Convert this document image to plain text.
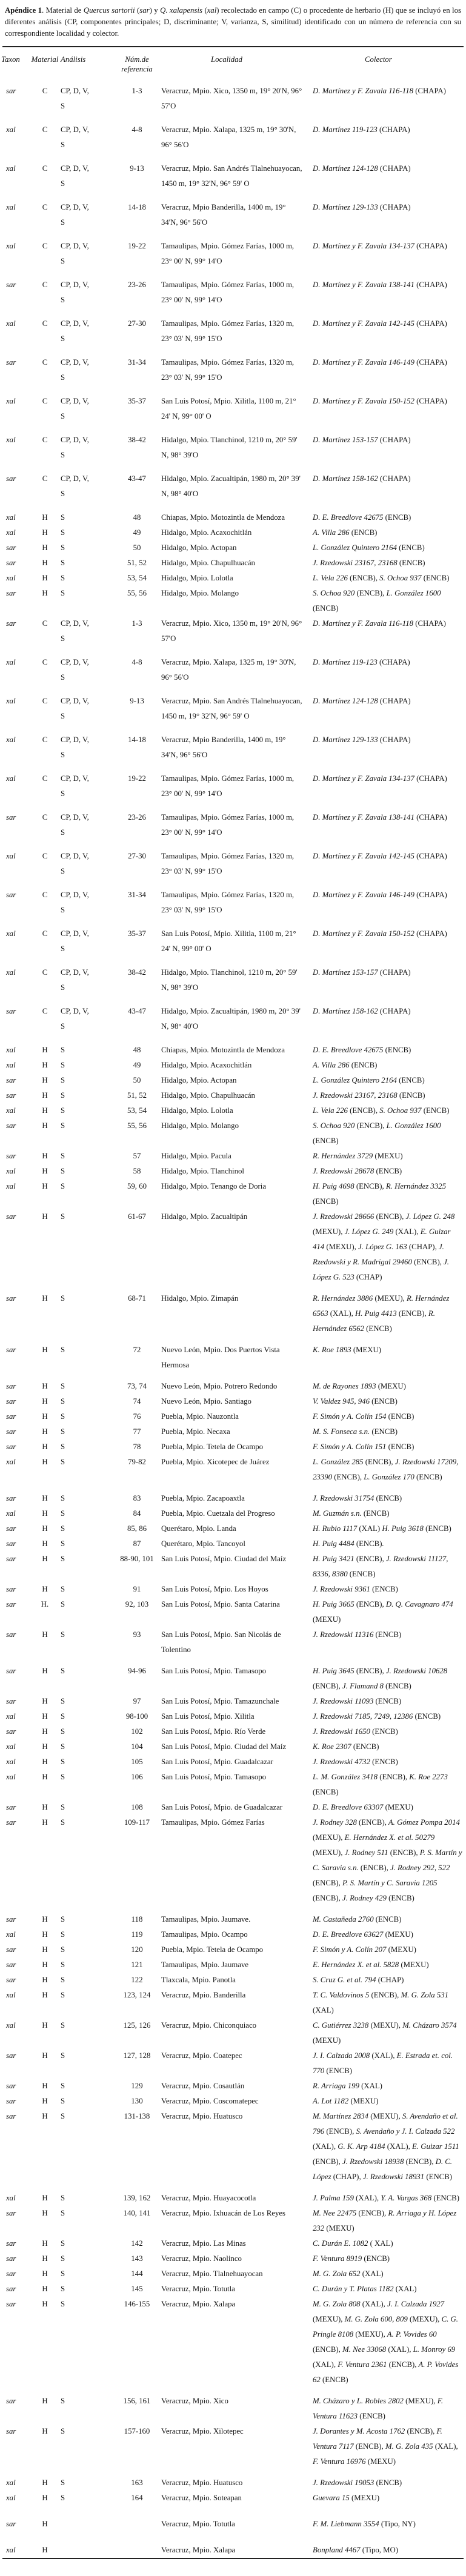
Apéndice 1. Material de Quercus sartorii (sar) y Q. xalapensis (xal) recolectado en campo (C) o procedente de herbario (H) que se incluyó en los diferentes análisis (CP, componentes principales; D, discriminante; V, varianza, S, similitud) identificado con un número de referencia con su correspondiente localidad y colector.

Taxon	Material	Análisis	Núm.de referencia	Localidad	Colector
sar	C	CP, D, V, S	1-3	Veracruz, Mpio. Xico, 1350 m, 19° 20'N, 96° 57'O	D. Martínez y F. Zavala 116-118 (CHAPA)
xal	C	CP, D, V, S	4-8	Veracruz, Mpio. Xalapa, 1325 m, 19° 30'N, 96° 56'O	D. Martínez 119-123 (CHAPA)
xal	C	CP, D, V, S	9-13	Veracruz, Mpio. San Andrés Tlalnehuayocan, 1450 m, 19° 32'N, 96° 59' O	D. Martínez 124-128 (CHAPA)
xal	C	CP, D, V, S	14-18	Veracruz, Mpio Banderilla, 1400 m, 19° 34'N, 96° 56'O	D. Martínez 129-133 (CHAPA)
xal	C	CP, D, V, S	19-22	Tamaulipas, Mpio. Gómez Farías, 1000 m, 23° 00' N, 99° 14'O	D. Martínez y F. Zavala 134-137 (CHAPA)
sar	C	CP, D, V, S	23-26	Tamaulipas, Mpio. Gómez Farías, 1000 m, 23° 00' N, 99° 14'O	D. Martínez y F. Zavala 138-141 (CHAPA)
xal	C	CP, D, V, S	27-30	Tamaulipas, Mpio. Gómez Farías, 1320 m, 23° 03' N, 99° 15'O	D. Martínez y F. Zavala 142-145 (CHAPA)
sar	C	CP, D, V, S	31-34	Tamaulipas, Mpio. Gómez Farías, 1320 m, 23° 03' N, 99° 15'O	D. Martínez y F. Zavala 146-149 (CHAPA)
xal	C	CP, D, V, S	35-37	San Luis Potosí, Mpio. Xilitla, 1100 m, 21° 24' N, 99° 00' O	D. Martínez y F. Zavala 150-152 (CHAPA)
xal	C	CP, D, V, S	38-42	Hidalgo, Mpio. Tlanchinol, 1210 m, 20° 59' N, 98° 39'O	D. Martínez 153-157 (CHAPA)
sar	C	CP, D, V, S	43-47	Hidalgo, Mpio. Zacualtipán, 1980 m, 20° 39' N, 98° 40'O	D. Martínez 158-162 (CHAPA)
xal	H	S	48	Chiapas, Mpio. Motozintla de Mendoza	D. E. Breedlove 42675 (ENCB)
xal	H	S	49	Hidalgo, Mpio. Acaxochitlán	A. Villa 286 (ENCB)
sar	H	S	50	Hidalgo, Mpio. Actopan	L. González Quintero 2164 (ENCB)
sar	H	S	51, 52	Hidalgo, Mpio. Chapulhuacán	J. Rzedowski 23167, 23168 (ENCB)
xal	H	S	53, 54	Hidalgo, Mpio. Lolotla	L. Vela 226 (ENCB), S. Ochoa 937 (ENCB)
sar	H	S	55, 56	Hidalgo, Mpio. Molango	S. Ochoa 920 (ENCB), L. González 1600 (ENCB)
sar	C	CP, D, V, S	1-3	Veracruz, Mpio. Xico, 1350 m, 19° 20'N, 96° 57'O	D. Martínez y F. Zavala 116-118 (CHAPA)
xal	C	CP, D, V, S	4-8	Veracruz, Mpio. Xalapa, 1325 m, 19° 30'N, 96° 56'O	D. Martínez 119-123 (CHAPA)
xal	C	CP, D, V, S	9-13	Veracruz, Mpio. San Andrés Tlalnehuayocan, 1450 m, 19° 32'N, 96° 59' O	D. Martínez 124-128 (CHAPA)
xal	C	CP, D, V, S	14-18	Veracruz, Mpio Banderilla, 1400 m, 19° 34'N, 96° 56'O	D. Martínez 129-133 (CHAPA)
xal	C	CP, D, V, S	19-22	Tamaulipas, Mpio. Gómez Farías, 1000 m, 23° 00' N, 99° 14'O	D. Martínez y F. Zavala 134-137 (CHAPA)
sar	C	CP, D, V, S	23-26	Tamaulipas, Mpio. Gómez Farías, 1000 m, 23° 00' N, 99° 14'O	D. Martínez y F. Zavala 138-141 (CHAPA)
xal	C	CP, D, V, S	27-30	Tamaulipas, Mpio. Gómez Farías, 1320 m, 23° 03' N, 99° 15'O	D. Martínez y F. Zavala 142-145 (CHAPA)
sar	C	CP, D, V, S	31-34	Tamaulipas, Mpio. Gómez Farías, 1320 m, 23° 03' N, 99° 15'O	D. Martínez y F. Zavala 146-149 (CHAPA)
xal	C	CP, D, V, S	35-37	San Luis Potosí, Mpio. Xilitla, 1100 m, 21° 24' N, 99° 00' O	D. Martínez y F. Zavala 150-152 (CHAPA)
xal	C	CP, D, V, S	38-42	Hidalgo, Mpio. Tlanchinol, 1210 m, 20° 59' N, 98° 39'O	D. Martínez 153-157 (CHAPA)
sar	C	CP, D, V, S	43-47	Hidalgo, Mpio. Zacualtipán, 1980 m, 20° 39' N, 98° 40'O	D. Martínez 158-162 (CHAPA)
xal	H	S	48	Chiapas, Mpio. Motozintla de Mendoza	D. E. Breedlove 42675 (ENCB)
xal	H	S	49	Hidalgo, Mpio. Acaxochitlán	A. Villa 286 (ENCB)
sar	H	S	50	Hidalgo, Mpio. Actopan	L. González Quintero 2164 (ENCB)
sar	H	S	51, 52	Hidalgo, Mpio. Chapulhuacán	J. Rzedowski 23167, 23168 (ENCB)
xal	H	S	53, 54	Hidalgo, Mpio. Lolotla	L. Vela 226 (ENCB), S. Ochoa 937 (ENCB)
sar	H	S	55, 56	Hidalgo, Mpio. Molango	S. Ochoa 920 (ENCB), L. González 1600 (ENCB)
sar	H	S	57	Hidalgo, Mpio. Pacula	R. Hernández 3729 (MEXU)
xal	H	S	58	Hidalgo, Mpio. Tlanchinol	J. Rzedowski 28678 (ENCB)
xal	H	S	59, 60	Hidalgo, Mpio. Tenango de Doria	H. Puig 4698 (ENCB), R. Hernández 3325 (ENCB)
sar	H	S	61-67	Hidalgo, Mpio. Zacualtipán	J. Rzedowski 28666 (ENCB), J. López G. 248 (MEXU), J. López G. 249 (XAL), E. Guizar 414 (MEXU), J. López G. 163 (CHAP), J. Rzedowski y R. Madrigal 29460 (ENCB), J. López G. 523 (CHAP)
sar	H	S	68-71	Hidalgo, Mpio. Zimapán	R. Hernández 3886 (MEXU), R. Hernández 6563 (XAL), H. Puig 4413 (ENCB), R. Hernández 6562 (ENCB)
sar	H	S	72	Nuevo León, Mpio. Dos Puertos Vista Hermosa	K. Roe 1893 (MEXU)
sar	H	S	73, 74	Nuevo León, Mpio. Potrero Redondo	M. de Rayones 1893 (MEXU)
sar	H	S	74	Nuevo León, Mpio. Santiago	V. Valdez 945, 946 (ENCB)
sar	H	S	76	Puebla, Mpio. Nauzontla	F. Simón y A. Colín 154 (ENCB)
sar	H	S	77	Puebla, Mpio. Necaxa	M. S. Fonseca s.n. (ENCB)
sar	H	S	78	Puebla, Mpio. Tetela de Ocampo	F. Simón y A. Colín 151 (ENCB)
xal	H	S	79-82	Puebla, Mpio. Xicotepec de Juárez	L. González 285 (ENCB), J. Rzedowski 17209, 23390 (ENCB), L. González 170 (ENCB)
sar	H	S	83	Puebla, Mpio. Zacapoaxtla	J. Rzedowski 31754 (ENCB)
xal	H	S	84	Puebla, Mpio. Cuetzala del Progreso	M. Guzmán s.n. (ENCB)
sar	H	S	85, 86	Querétaro, Mpio. Landa	H. Rubio 1117 (XAL) H. Puig 3618 (ENCB)
sar	H	S	87	Querétaro, Mpio. Tancoyol	H. Puig 4484 (ENCB).
sar	H	S	88-90, 101	San Luis Potosí, Mpio. Ciudad del Maíz	H. Puig 3421 (ENCB), J. Rzedowski 11127, 8336, 8380 (ENCB)
sar	H	S	91	San Luis Potosí, Mpio. Los Hoyos	J. Rzedowski 9361 (ENCB)
sar	H.	S	92, 103	San Luis Potosí, Mpio. Santa Catarina	H. Puig 3665 (ENCB), D. Q. Cavagnaro 474 (MEXU)
sar	H	S	93	San Luis Potosí, Mpio. San Nicolás de Tolentino	J. Rzedowski 11316 (ENCB)
sar	H	S	94-96	San Luis Potosí, Mpio. Tamasopo	H. Puig 3645 (ENCB), J. Rzedowski 10628 (ENCB), J. Flamand 8 (ENCB)
sar	H	S	97	San Luis Potosí, Mpio. Tamazunchale	J. Rzedowski 11093 (ENCB)
xal	H	S	98-100	San Luis Potosí, Mpio. Xilitla	J. Rzedowski 7185, 7249, 12386 (ENCB)
sar	H	S	102	San Luis Potosí, Mpio. Río Verde	J. Rzedowski 1650 (ENCB)
xal	H	S	104	San Luis Potosí, Mpio. Ciudad del Maíz	K. Roe 2307 (ENCB)
xal	H	S	105	San Luis Potosí, Mpio. Guadalcazar	J. Rzedowski 4732 (ENCB)
xal	H	S	106	San Luis Potosí, Mpio. Tamasopo	L. M. González 3418 (ENCB), K. Roe 2273 (ENCB)
sar	H	S	108	San Luis Potosí, Mpio. de Guadalcazar	D. E. Breedlove 63307 (MEXU)
sar	H	S	109-117	Tamaulipas, Mpio. Gómez Farías	J. Rodney 328 (ENCB), A. Gómez Pompa 2014 (MEXU), E. Hernández X. et al. 50279 (MEXU), J. Rodney 511 (ENCB), P. S. Martín y C. Saravia s.n. (ENCB), J. Rodney 292, 522 (ENCB), P. S. Martín y C. Saravia 1205 (ENCB), J. Rodney 429 (ENCB)
sar	H	S	118	Tamaulipas, Mpio. Jaumave.	M. Castañeda 2760 (ENCB)
xal	H	S	119	Tamaulipas, Mpio. Ocampo	D. E. Breedlove 63627 (MEXU)
sar	H	S	120	Puebla, Mpio. Tetela de Ocampo	F. Simón y A. Colín 207 (MEXU)
sar	H	S	121	Tamaulipas, Mpio. Jaumave	E. Hernández X. et al. 5828 (MEXU)
sar	H	S	122	Tlaxcala, Mpio. Panotla	S. Cruz G. et al. 794 (CHAP)
xal	H	S	123, 124	Veracruz, Mpio. Banderilla	T. C. Valdovinos 5 (ENCB), M. G. Zola 531 (XAL)
xal	H	S	125, 126	Veracruz, Mpio. Chiconquiaco	C. Gutiérrez 3238 (MEXU), M. Cházaro 3574 (MEXU)
sar	H	S	127, 128	Veracruz, Mpio. Coatepec	J. I. Calzada 2008 (XAL), E. Estrada et. col. 770 (ENCB)
sar	H	S	129	Veracruz, Mpio. Cosautlán	R. Arriaga 199 (XAL)
sar	H	S	130	Veracruz, Mpio. Coscomatepec	A. Lot 1182 (MEXU)
sar	H	S	131-138	Veracruz, Mpio. Huatusco	M. Martínez 2834 (MEXU), S. Avendaño et al. 796 (ENCB), S. Avendaño y J. I. Calzada 522 (XAL), G. K. Arp 4184 (XAL), E. Guizar 1511 (ENCB), J. Rzedowski 18938 (ENCB), D. C. López (CHAP), J. Rzedowski 18931 (ENCB)
xal	H	S	139, 162	Veracruz, Mpio. Huayacocotla	J. Palma 159 (XAL), Y. A. Vargas 368 (ENCB)
sar	H	S	140, 141	Veracruz, Mpio. Ixhuacán de Los Reyes	M. Nee 22475 (ENCB), R. Arriaga y H. López 232 (MEXU)
sar	H	S	142	Veracruz, Mpio. Las Minas	C. Durán E. 1082 ( XAL)
sar	H	S	143	Veracruz, Mpio. Naolinco	F. Ventura 8919 (ENCB)
sar	H	S	144	Veracruz, Mpio. Tlalnehuayocan	M. G. Zola 652 (XAL)
sar	H	S	145	Veracruz, Mpio. Totutla	C. Durán y T. Platas 1182 (XAL)
sar	H	S	146-155	Veracruz, Mpio. Xalapa	M. G. Zola 808 (XAL), J. I. Calzada 1927 (MEXU), M. G. Zola 600, 809 (MEXU), C. G. Pringle 8108 (MEXU), A. P. Vovides 60 (ENCB), M. Nee 33068 (XAL), L. Monroy 69 (XAL), F. Ventura 2361 (ENCB), A. P. Vovides 62 (ENCB)
sar	H	S	156, 161	Veracruz, Mpio. Xico	M. Cházaro y L. Robles 2802 (MEXU), F. Ventura 11623 (ENCB)
sar	H	S	157-160	Veracruz, Mpio. Xilotepec	J. Dorantes y M. Acosta 1762 (ENCB), F. Ventura 7117 (ENCB), M. G. Zola 435 (XAL), F. Ventura 16976 (MEXU)
xal	H	S	163	Veracruz, Mpio. Huatusco	J. Rzedowski 19053 (ENCB)
xal	H	S	164	Veracruz, Mpio. Soteapan	Guevara 15 (MEXU)
sar	H			Veracruz, Mpio. Totutla	F. M. Liebmann 3554 (Tipo, NY)
xal	H			Veracruz, Mpio. Xalapa	Bonpland 4467 (Tipo, MO)
